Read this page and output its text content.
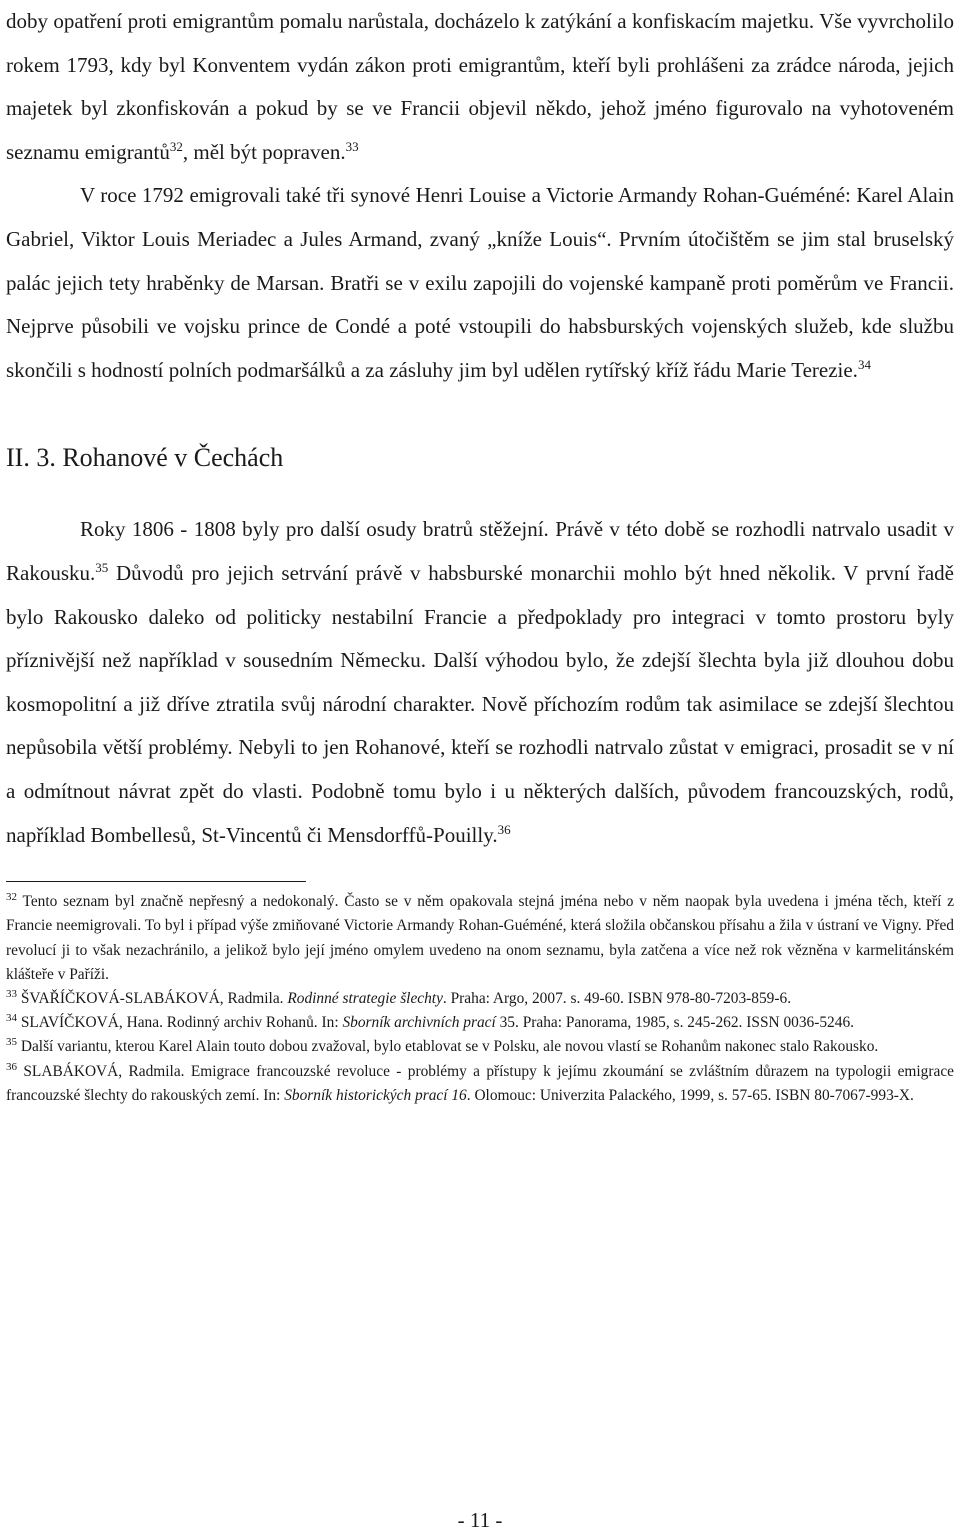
doby opatření proti emigrantům pomalu narůstala, docházelo k zatýkání a konfiskacím majetku. Vše vyvrcholilo rokem 1793, kdy byl Konventem vydán zákon proti emigrantům, kteří byli prohlášeni za zrádce národa, jejich majetek byl zkonfiskován a pokud by se ve Francii objevil někdo, jehož jméno figurovalo na vyhotoveném seznamu emigrantů$^{32}$, měl být popraven.$^{33}$

V roce 1792 emigrovali také tři synové Henri Louise a Victorie Armandy Rohan-Guéméné: Karel Alain Gabriel, Viktor Louis Meriadec a Jules Armand, zvaný „kníže Louis“. Prvním útočištěm se jim stal bruselský palác jejich tety hraběnky de Marsan. Bratři se v exilu zapojili do vojenské kampaně proti poměrům ve Francii. Nejprve působili ve vojsku prince de Condé a poté vstoupili do habsburských vojenských služeb, kde službu skončili s hodností polních podmaršálků a za zásluhy jim byl udělen rytířský kříž řádu Marie Terezie.$^{34}$

II. 3. Rohanové v Čechách

Roky 1806 - 1808 byly pro další osudy bratrů stěžejní. Právě v této době se rozhodli natrvalo usadit v Rakousku.$^{35}$ Důvodů pro jejich setrvání právě v habsburské monarchii mohlo být hned několik. V první řadě bylo Rakousko daleko od politicky nestabilní Francie a předpoklady pro integraci v tomto prostoru byly příznivější než například v sousedním Německu. Další výhodou bylo, že zdejší šlechta byla již dlouhou dobu kosmopolitní a již dříve ztratila svůj národní charakter. Nově příchozím rodům tak asimilace se zdejší šlechtou nepůsobila větší problémy. Nebyli to jen Rohanové, kteří se rozhodli natrvalo zůstat v emigraci, prosadit se v ní a odmítnout návrat zpět do vlasti. Podobně tomu bylo i u některých dalších, původem francouzských, rodů, například Bombellesů, St-Vincentů či Mensdorffů-Pouilly.$^{36}$

$^{32}$ Tento seznam byl značně nepřesný a nedokonalý. Často se v něm opakovala stejná jména nebo v něm naopak byla uvedena i jména těch, kteří z Francie neemigrovali. To byl i případ výše zmiňované Victorie Armandy Rohan-Guéméné, která složila občanskou přísahu a žila v ústraní ve Vigny. Před revolucí ji to však nezachránilo, a jelikož bylo její jméno omylem uvedeno na onom seznamu, byla zatčena a více než rok vězněna v karmelitánském klášteře v Paříži.

$^{33}$ ŠVAŘÍČKOVÁ-SLABÁKOVÁ, Radmila. Rodinné strategie šlechty. Praha: Argo, 2007. s. 49-60. ISBN 978-80-7203-859-6.

$^{34}$ SLAVÍČKOVÁ, Hana. Rodinný archiv Rohanů. In: Sborník archivních prací 35. Praha: Panorama, 1985, s. 245-262. ISSN 0036-5246.

$^{35}$ Další variantu, kterou Karel Alain touto dobou zvažoval, bylo etablovat se v Polsku, ale novou vlastí se Rohanům nakonec stalo Rakousko.

$^{36}$ SLABÁKOVÁ, Radmila. Emigrace francouzské revoluce - problémy a přístupy k jejímu zkoumání se zvláštním důrazem na typologii emigrace francouzské šlechty do rakouských zemí. In: Sborník historických prací 16. Olomouc: Univerzita Palackého, 1999, s. 57-65. ISBN 80-7067-993-X.

- 11 -
